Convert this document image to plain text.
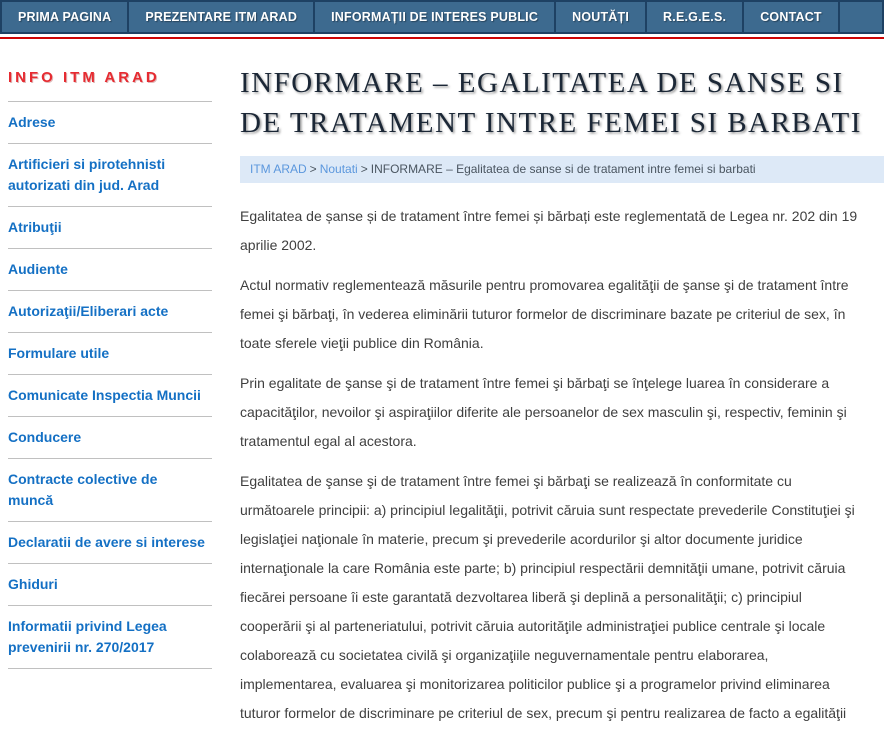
PRIMA PAGINA	PREZENTARE ITM ARAD	INFORMAȚII DE INTERES PUBLIC	NOUTĂȚI	R.E.G.E.S.	CONTACT
INFO ITM ARAD
Adrese
Artificieri si pirotehnisti autorizati din jud. Arad
Atribuţii
Audiente
Autorizaţii/Eliberari acte
Formulare utile
Comunicate Inspectia Muncii
Conducere
Contracte colective de muncă
Declaratii de avere si interese
Ghiduri
Informatii privind Legea prevenirii nr. 270/2017
INFORMARE – EGALITATEA DE SANSE SI DE TRATAMENT INTRE FEMEI SI BARBATI
ITM ARAD > Noutati > INFORMARE – Egalitatea de sanse si de tratament intre femei si barbati

Egalitatea de șanse și de tratament între femei și bărbați este reglementată de Legea nr. 202 din 19 aprilie 2002.

Actul normativ reglementează măsurile pentru promovarea egalităţii de şanse şi de tratament între femei şi bărbaţi, în vederea eliminării tuturor formelor de discriminare bazate pe criteriul de sex, în toate sferele vieţii publice din România.

Prin egalitate de şanse şi de tratament între femei şi bărbaţi se înţelege luarea în considerare a capacităţilor, nevoilor şi aspiraţiilor diferite ale persoanelor de sex masculin şi, respectiv, feminin şi tratamentul egal al acestora.

Egalitatea de şanse şi de tratament între femei şi bărbaţi se realizează în conformitate cu următoarele principii: a) principiul legalităţii, potrivit căruia sunt respectate prevederile Constituţiei şi legislaţiei naţionale în materie, precum şi prevederile acordurilor şi altor documente juridice internaţionale la care România este parte; b) principiul respectării demnităţii umane, potrivit căruia fiecărei persoane îi este garantată dezvoltarea liberă şi deplină a personalităţii; c) principiul cooperării şi al parteneriatului, potrivit căruia autorităţile administraţiei publice centrale şi locale colaborează cu societatea civilă şi organizaţiile neguvernamentale pentru elaborarea, implementarea, evaluarea şi monitorizarea politicilor publice şi a programelor privind eliminarea tuturor formelor de discriminare pe criteriul de sex, precum şi pentru realizarea de facto a egalităţii
